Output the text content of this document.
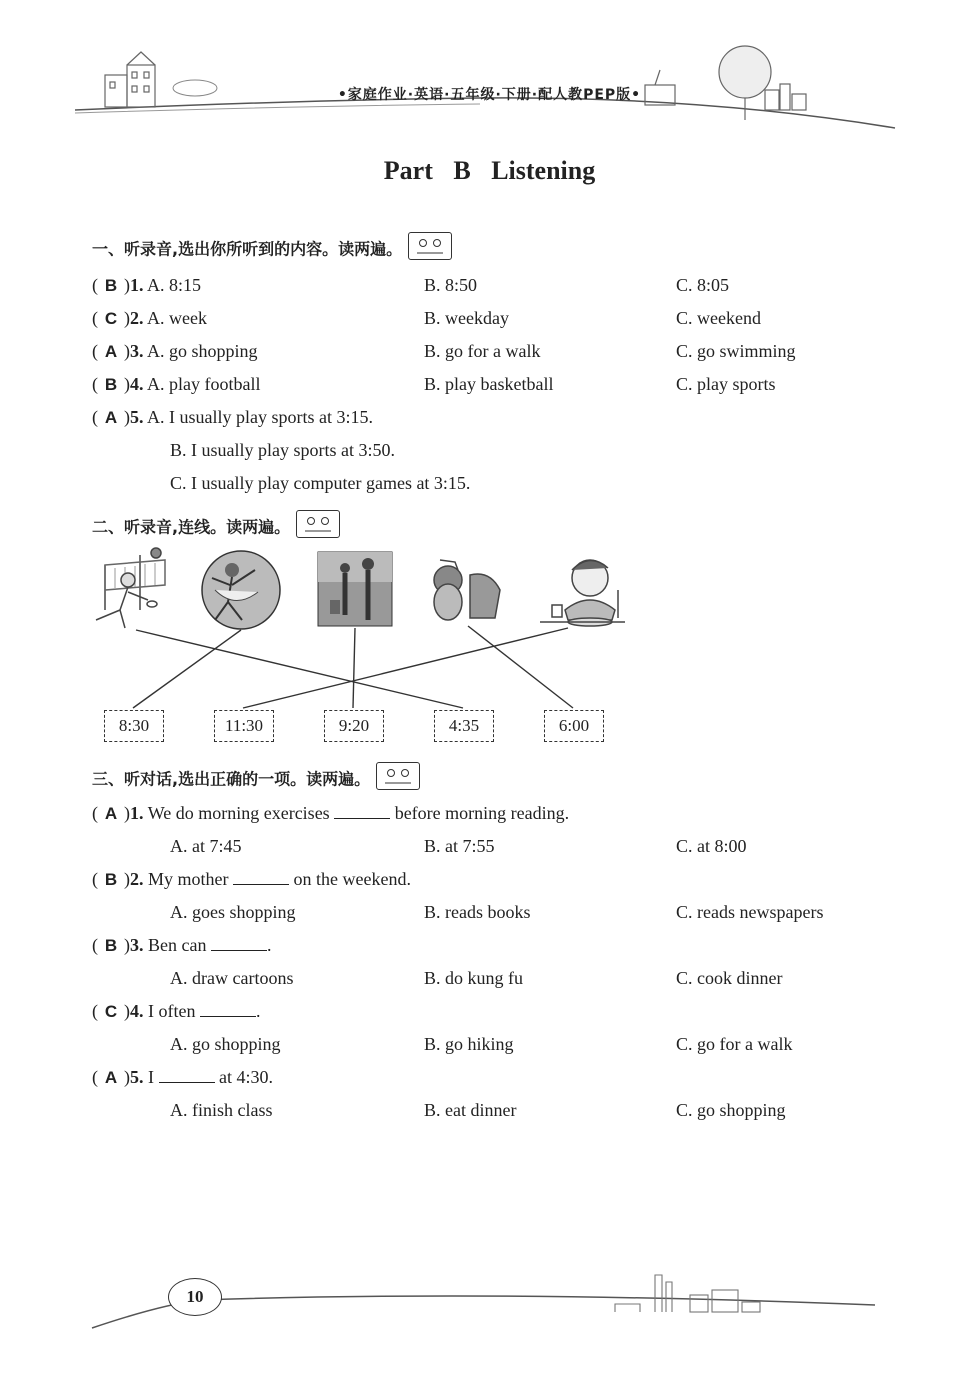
•家庭作业·英语·五年级·下册·配人教PEP版•
Part B Listening
一、听录音,选出你所听到的内容。读两遍。
( B )1. A. 8:15	B. 8:50	C. 8:05
( C )2. A. week	B. weekday	C. weekend
( A )3. A. go shopping	B. go for a walk	C. go swimming
( B )4. A. play football	B. play basketball	C. play sports
( A )5. A. I usually play sports at 3:15.
B. I usually play sports at 3:50.
C. I usually play computer games at 3:15.
二、听录音,连线。读两遍。
8:30	11:30	9:20	4:35	6:00
三、听对话,选出正确的一项。读两遍。
( A )1. We do morning exercises	before morning reading.
A. at 7:45	B. at 7:55	C. at 8:00
( B )2. My mother	on the weekend.
A. goes shopping	B. reads books	C. reads newspapers
( B )3. Ben can	.
A. draw cartoons	B. do kung fu	C. cook dinner
( C )4. I often	.
A. go shopping	B. go hiking	C. go for a walk
( A )5. I	at 4:30.
A. finish class	B. eat dinner	C. go shopping
10
